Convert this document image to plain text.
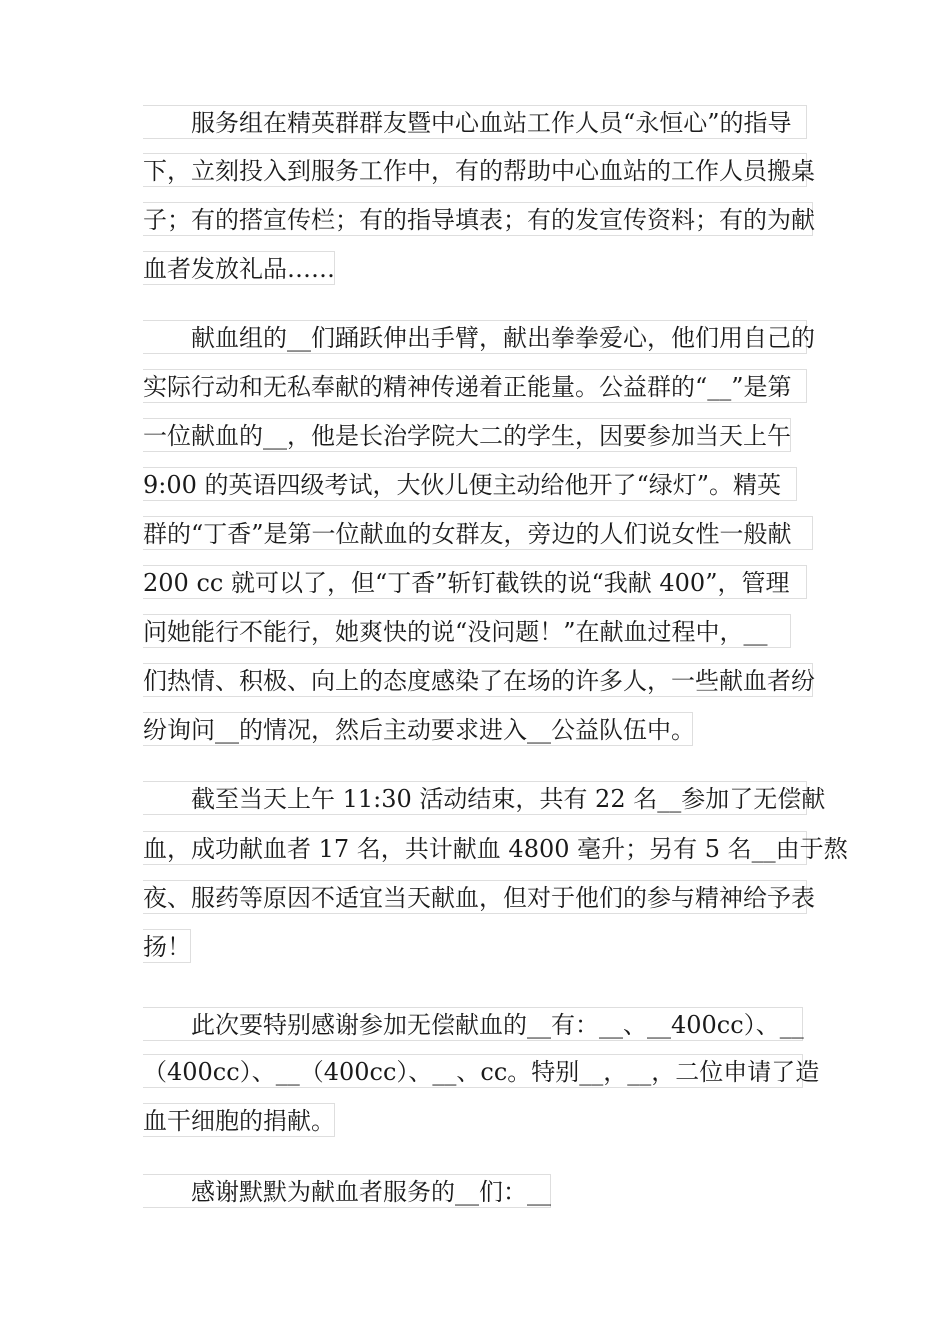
服务组在精英群群友暨中心血站工作人员“永恒心”的指导
下，立刻投入到服务工作中，有的帮助中心血站的工作人员搬桌
子；有的搭宣传栏；有的指导填表；有的发宣传资料；有的为献
血者发放礼品……
献血组的__们踊跃伸出手臂，献出拳拳爱心，他们用自己的
实际行动和无私奉献的精神传递着正能量。公益群的“__”是第
一位献血的__，他是长治学院大二的学生，因要参加当天上午
9:00 的英语四级考试，大伙儿便主动给他开了“绿灯”。精英
群的“丁香”是第一位献血的女群友，旁边的人们说女性一般献
200 cc 就可以了，但“丁香”斩钉截铁的说“我献 400”，管理
问她能行不能行，她爽快的说“没问题！”在献血过程中，__
们热情、积极、向上的态度感染了在场的许多人，一些献血者纷
纷询问__的情况，然后主动要求进入__公益队伍中。
截至当天上午 11:30 活动结束，共有 22 名__参加了无偿献
血，成功献血者 17 名，共计献血 4800 毫升；另有 5 名__由于熬
夜、服药等原因不适宜当天献血，但对于他们的参与精神给予表
扬！
此次要特别感谢参加无偿献血的__有：__、__400cc）、__
（400cc）、__（400cc）、__、cc。特别__，__，二位申请了造
血干细胞的捐献。
感谢默默为献血者服务的__们：__
